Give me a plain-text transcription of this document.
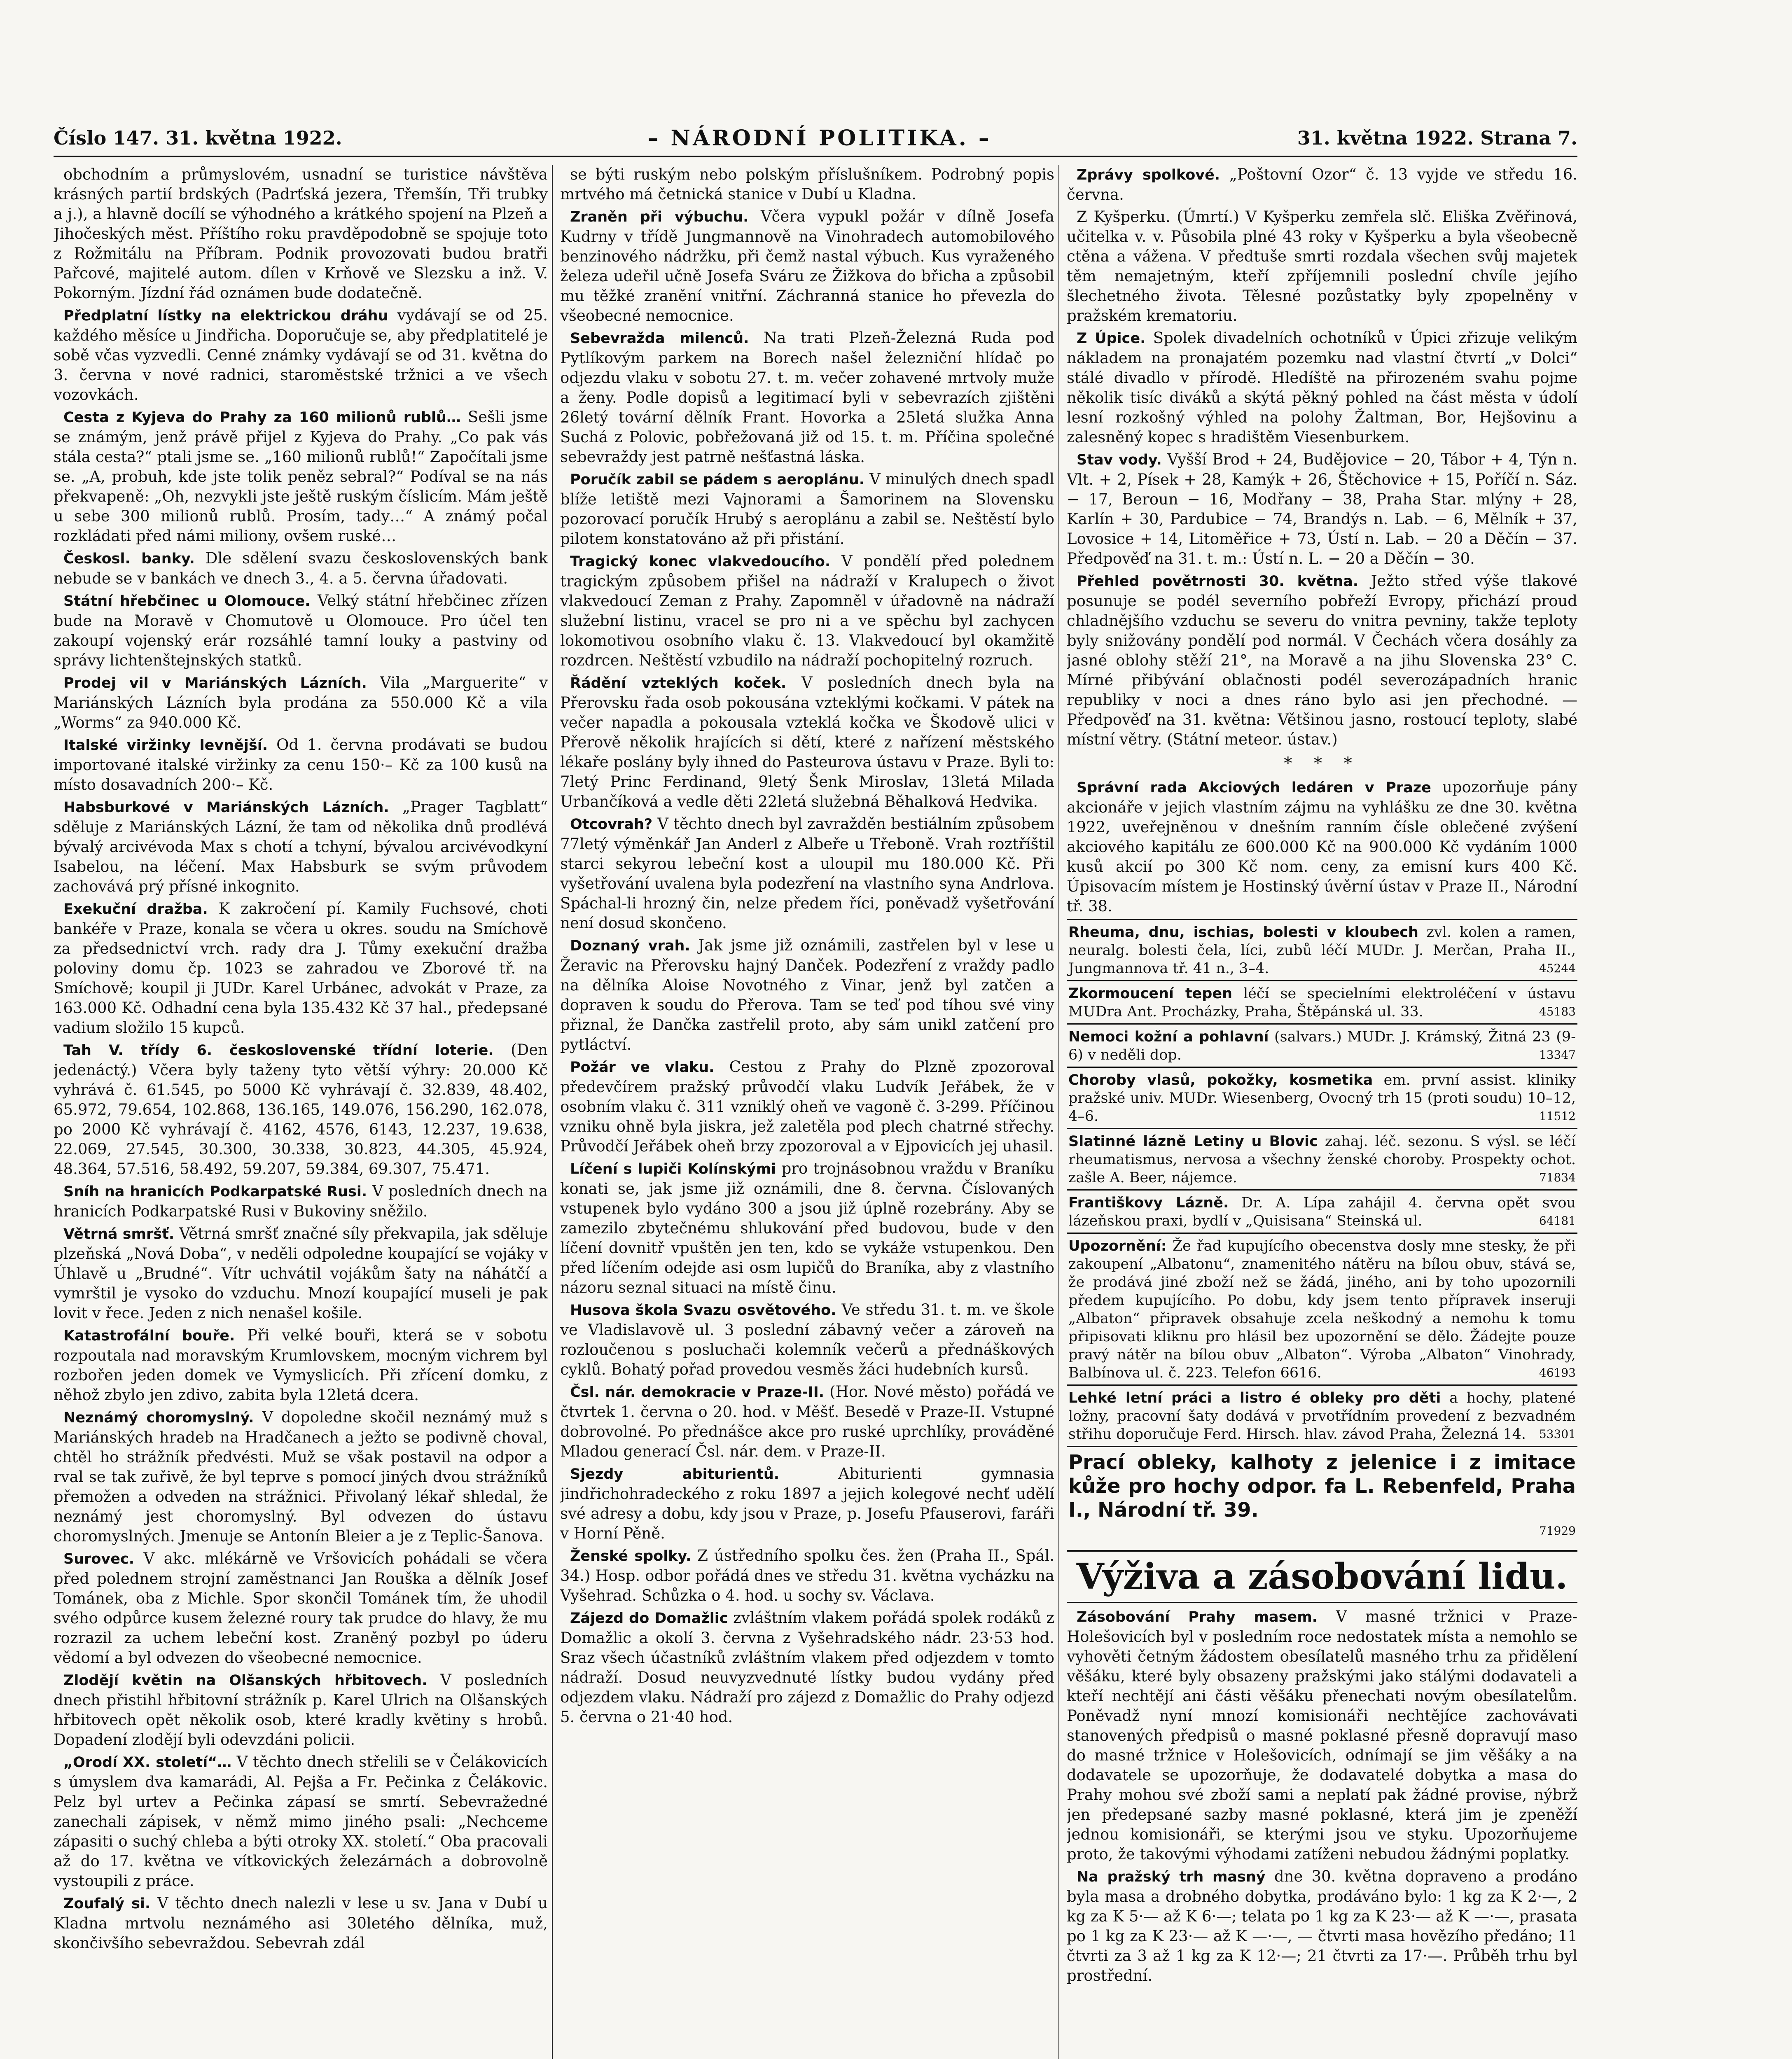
Číslo 147. 31. května 1922.	– NÁRODNÍ POLITIKA. –	31. května 1922. Strana 7.

obchodním a průmyslovém, usnadní se turistice návštěva krásných partií brdských (Padrťská jezera, Třemšín, Tři trubky a j.), a hlavně docílí se výhodného a krátkého spojení na Plzeň a Jihočeských měst. Příštího roku pravděpodobně se spojuje toto z Rožmitálu na Příbram. Podnik provozovati budou bratři Pařcové, majitelé autom. dílen v Krňově ve Slezsku a inž. V. Pokorným. Jízdní řád oznámen bude dodatečně.

Předplatní lístky na elektrickou dráhu vydávají se od 25. každého měsíce u Jindřicha. Doporučuje se, aby předplatitelé je sobě včas vyzvedli. Cenné známky vydávají se od 31. května do 3. června v nové radnici, staroměstské tržnici a ve všech vozovkách.

Cesta z Kyjeva do Prahy za 160 milionů rublů… Sešli jsme se známým, jenž právě přijel z Kyjeva do Prahy. „Co pak vás stála cesta?“ ptali jsme se. „160 milionů rublů!“ Započítali jsme se. „A, probuh, kde jste tolik peněz sebral?“ Podíval se na nás překvapeně: „Oh, nezvykli jste ještě ruským číslicím. Mám ještě u sebe 300 milionů rublů. Prosím, tady…“ A známý počal rozkládati před námi miliony, ovšem ruské…

Českosl. banky. Dle sdělení svazu československých bank nebude se v bankách ve dnech 3., 4. a 5. června úřadovati.

Státní hřebčinec u Olomouce. Velký státní hřebčinec zřízen bude na Moravě v Chomutově u Olomouce. Pro účel ten zakoupí vojenský erár rozsáhlé tamní louky a pastviny od správy lichtenštejnských statků.

Prodej vil v Mariánských Lázních. Vila „Marguerite“ v Mariánských Lázních byla prodána za 550.000 Kč a vila „Worms“ za 940.000 Kč.

Italské viržinky levnější. Od 1. června prodávati se budou importované italské viržinky za cenu 150·– Kč za 100 kusů na místo dosavadních 200·– Kč.

Habsburkové v Mariánských Lázních. „Prager Tagblatt“ sděluje z Mariánských Lázní, že tam od několika dnů prodlévá bývalý arcivévoda Max s chotí a tchyní, bývalou arcivévodkyní Isabelou, na léčení. Max Habsburk se svým průvodem zachovává prý přísné inkognito.

Exekuční dražba. K zakročení pí. Kamily Fuchsové, choti bankéře v Praze, konala se včera u okres. soudu na Smíchově za předsednictví vrch. rady dra J. Tůmy exekuční dražba poloviny domu čp. 1023 se zahradou ve Zborové tř. na Smíchově; koupil ji JUDr. Karel Urbánec, advokát v Praze, za 163.000 Kč. Odhadní cena byla 135.432 Kč 37 hal., předepsané vadium složilo 15 kupců.

Tah V. třídy 6. československé třídní loterie. (Den jedenáctý.) Včera byly taženy tyto větší výhry: 20.000 Kč vyhrává č. 61.545, po 5000 Kč vyhrávají č. 32.839, 48.402, 65.972, 79.654, 102.868, 136.165, 149.076, 156.290, 162.078, po 2000 Kč vyhrávají č. 4162, 4576, 6143, 12.237, 19.638, 22.069, 27.545, 30.300, 30.338, 30.823, 44.305, 45.924, 48.364, 57.516, 58.492, 59.207, 59.384, 69.307, 75.471.

Sníh na hranicích Podkarpatské Rusi. V posledních dnech na hranicích Podkarpatské Rusi v Bukoviny sněžilo.

Větrná smršť. Větrná smršť značné síly překvapila, jak sděluje plzeňská „Nová Doba“, v neděli odpoledne koupající se vojáky v Úhlavě u „Brudné“. Vítr uchvátil vojákům šaty na náhátčí a vymrštil je vysoko do vzduchu. Mnozí koupající museli je pak lovit v řece. Jeden z nich nenašel košile.

Katastrofální bouře. Při velké bouři, která se v sobotu rozpoutala nad moravským Krumlovskem, mocným vichrem byl rozbořen jeden domek ve Vymyslicích. Při zřícení domku, z něhož zbylo jen zdivo, zabita byla 12letá dcera.

Neznámý choromyslný. V dopoledne skočil neznámý muž s Mariánských hradeb na Hradčanech a ježto se podivně choval, chtěl ho strážník předvésti. Muž se však postavil na odpor a rval se tak zuřivě, že byl teprve s pomocí jiných dvou strážníků přemožen a odveden na strážnici. Přivolaný lékař shledal, že neznámý jest choromyslný. Byl odvezen do ústavu choromyslných. Jmenuje se Antonín Bleier a je z Teplic-Šanova.

Surovec. V akc. mlékárně ve Vršovicích pohádali se včera před polednem strojní zaměstnanci Jan Rouška a dělník Josef Tománek, oba z Michle. Spor skončil Tománek tím, že uhodil svého odpůrce kusem železné roury tak prudce do hlavy, že mu rozrazil za uchem lebeční kost. Zraněný pozbyl po úderu vědomí a byl odvezen do všeobecné nemocnice.

Zlodějí květin na Olšanských hřbitovech. V posledních dnech přistihl hřbitovní strážník p. Karel Ulrich na Olšanských hřbitovech opět několik osob, které kradly květiny s hrobů. Dopadení zlodějí byli odevzdáni policii.

„Orodí XX. století“… V těchto dnech střelili se v Čelákovicích s úmyslem dva kamarádi, Al. Pejša a Fr. Pečinka z Čelákovic. Pelz byl urtev a Pečinka zápasí se smrtí. Sebevražedné zanechali zápisek, v němž mimo jiného psali: „Nechceme zápasiti o suchý chleba a býti otroky XX. století.“ Oba pracovali až do 17. května ve vítkovických železárnách a dobrovolně vystoupili z práce.

Zoufalý si. V těchto dnech nalezli v lese u sv. Jana v Dubí u Kladna mrtvolu neznámého asi 30letého dělníka, muž, skončivšího sebevraždou. Sebevrah zdál

se býti ruským nebo polským příslušníkem. Podrobný popis mrtvého má četnická stanice v Dubí u Kladna.

Zraněn při výbuchu. Včera vypukl požár v dílně Josefa Kudrny v třídě Jungmannově na Vinohradech automobilového benzinového nádržku, při čemž nastal výbuch. Kus vyraženého železa udeřil učně Josefa Sváru ze Žižkova do břicha a způsobil mu těžké zranění vnitřní. Záchranná stanice ho převezla do všeobecné nemocnice.

Sebevražda milenců. Na trati Plzeň-Železná Ruda pod Pytlíkovým parkem na Borech našel železniční hlídač po odjezdu vlaku v sobotu 27. t. m. večer zohavené mrtvoly muže a ženy. Podle dopisů a legitimací byli v sebevrazích zjištěni 26letý tovární dělník Frant. Hovorka a 25letá služka Anna Suchá z Polovic, pobřežovaná již od 15. t. m. Příčina společné sebevraždy jest patrně nešťastná láska.

Poručík zabil se pádem s aeroplánu. V minulých dnech spadl blíže letiště mezi Vajnorami a Šamorinem na Slovensku pozorovací poručík Hrubý s aeroplánu a zabil se. Neštěstí bylo pilotem konstatováno až při přistání.

Tragický konec vlakvedoucího. V pondělí před polednem tragickým způsobem přišel na nádraží v Kralupech o život vlakvedoucí Zeman z Prahy. Zapomněl v úřadovně na nádraží služební listinu, vracel se pro ni a ve spěchu byl zachycen lokomotivou osobního vlaku č. 13. Vlakvedoucí byl okamžitě rozdrcen. Neštěstí vzbudilo na nádraží pochopitelný rozruch.

Řádění vzteklých koček. V posledních dnech byla na Přerovsku řada osob pokousána vzteklými kočkami. V pátek na večer napadla a pokousala vzteklá kočka ve Škodově ulici v Přerově několik hrajících si dětí, které z nařízení městského lékaře poslány byly ihned do Pasteurova ústavu v Praze. Byli to: 7letý Princ Ferdinand, 9letý Šenk Miroslav, 13letá Milada Urbančíková a vedle děti 22letá služebná Běhalková Hedvika.

Otcovrah? V těchto dnech byl zavražděn bestiálním způsobem 77letý výměnkář Jan Anderl z Albeře u Třeboně. Vrah roztříštil starci sekyrou lebeční kost a uloupil mu 180.000 Kč. Při vyšetřování uvalena byla podezření na vlastního syna Andrlova. Spáchal-li hrozný čin, nelze předem říci, poněvadž vyšetřování není dosud skončeno.

Doznaný vrah. Jak jsme již oznámili, zastřelen byl v lese u Žeravic na Přerovsku hajný Danček. Podezření z vraždy padlo na dělníka Aloise Novotného z Vinar, jenž byl zatčen a dopraven k soudu do Přerova. Tam se teď pod tíhou své viny přiznal, že Dančka zastřelil proto, aby sám unikl zatčení pro pytláctví.

Požár ve vlaku. Cestou z Prahy do Plzně zpozoroval předevčírem pražský průvodčí vlaku Ludvík Jeřábek, že v osobním vlaku č. 311 vzniklý oheň ve vagoně č. 3-299. Příčinou vzniku ohně byla jiskra, jež zaletěla pod plech chatrné střechy. Průvodčí Jeřábek oheň brzy zpozoroval a v Ejpovicích jej uhasil.

Líčení s lupiči Kolínskými pro trojnásobnou vraždu v Braníku konati se, jak jsme již oznámili, dne 8. června. Číslovaných vstupenek bylo vydáno 300 a jsou již úplně rozebrány. Aby se zamezilo zbytečnému shlukování před budovou, bude v den líčení dovnitř vpuštěn jen ten, kdo se vykáže vstupenkou. Den před líčením odejde asi osm lupičů do Braníka, aby z vlastního názoru seznal situaci na místě činu.

Husova škola Svazu osvětového. Ve středu 31. t. m. ve škole ve Vladislavově ul. 3 poslední zábavný večer a zároveň na rozloučenou s posluchači kolemník večerů a přednáškových cyklů. Bohatý pořad provedou vesměs žáci hudebních kursů.

Čsl. nár. demokracie v Praze-II. (Hor. Nové město) pořádá ve čtvrtek 1. června o 20. hod. v Měšť. Besedě v Praze-II. Vstupné dobrovolné. Po přednášce akce pro ruské uprchlíky, prováděné Mladou generací Čsl. nár. dem. v Praze-II.

Sjezdy abiturientů.	Abiturienti gymnasia jindřichohradeckého z roku 1897 a jejich kolegové nechť udělí své adresy a dobu, kdy jsou v Praze, p. Josefu Pfauserovi, faráři v Horní Pěně.

Ženské spolky. Z ústředního spolku čes. žen (Praha II., Spál. 34.) Hosp. odbor pořádá dnes ve středu 31. května vycházku na Vyšehrad. Schůzka o 4. hod. u sochy sv. Václava.

Zájezd do Domažlic zvláštním vlakem pořádá spolek rodáků z Domažlic a okolí 3. června z Vyšehradského nádr. 23·53 hod. Sraz všech účastníků zvláštním vlakem před odjezdem v tomto nádraží. Dosud neuvyzvednuté lístky budou vydány před odjezdem vlaku. Nádraží pro zájezd z Domažlic do Prahy odjezd 5. června o 21·40 hod.

Zprávy spolkové. „Poštovní Ozor“ č. 13 vyjde ve středu 16. června.

Z Kyšperku. (Úmrtí.) V Kyšperku zemřela slč. Eliška Zvěřinová, učitelka v. v. Působila plné 43 roky v Kyšperku a byla všeobecně ctěna a vážena. V předtuše smrti rozdala všechen svůj majetek těm nemajetným, kteří zpříjemnili poslední chvíle jejího šlechetného života. Tělesné pozůstatky byly zpopelněny v pražském krematoriu.

Z Úpice. Spolek divadelních ochotníků v Úpici zřizuje velikým nákladem na pronajatém pozemku nad vlastní čtvrtí „v Dolci“ stálé divadlo v přírodě. Hledíště na přirozeném svahu pojme několik tisíc diváků a skýtá pěkný pohled na část města v údolí lesní rozkošný výhled na polohy Žaltman, Bor, Hejšovinu a zalesněný kopec s hradištěm Viesenburkem.

Stav vody. Vyšší Brod + 24, Budějovice − 20, Tábor + 4, Týn n. Vlt. + 2, Písek + 28, Kamýk + 26, Štěchovice + 15, Poříčí n. Sáz. − 17, Beroun − 16, Modřany − 38, Praha Star. mlýny + 28, Karlín + 30, Pardubice − 74, Brandýs n. Lab. − 6, Mělník + 37, Lovosice + 14, Litoměřice + 73, Ústí n. Lab. − 20 a Děčín − 37. Předpověď na 31. t. m.: Ústí n. L. − 20 a Děčín − 30.

Přehled povětrnosti 30. května. Ježto střed výše tlakové posunuje se podél severního pobřeží Evropy, přichází proud chladnějšího vzduchu se severu do vnitra pevniny, takže teploty byly snižovány pondělí pod normál. V Čechách včera dosáhly za jasné oblohy stěží 21°, na Moravě a na jihu Slovenska 23° C. Mírné přibývání oblačnosti podél severozápadních hranic republiky v noci a dnes ráno bylo asi jen přechodné. — Předpověď na 31. května: Většinou jasno, rostoucí teploty, slabé místní větry. (Státní meteor. ústav.)

* * *

Správní rada Akciových ledáren v Praze upozorňuje pány akcionáře v jejich vlastním zájmu na vyhlášku ze dne 30. května 1922, uveřejněnou v dnešním ranním čísle oblečené zvýšení akciového kapitálu ze 600.000 Kč na 900.000 Kč vydáním 1000 kusů akcií po 300 Kč nom. ceny, za emisní kurs 400 Kč. Úpisovacím místem je Hostinský úvěrní ústav v Praze II., Národní tř. 38.

Rheuma, dnu, ischias, bolesti v kloubech zvl. kolen a ramen, neuralg. bolesti čela, líci, zubů léčí MUDr. J. Merčan, Praha II., Jungmannova tř. 41 n., 3–4.	45244
Zkormoucení tepen léčí se specielními elektroléčení v ústavu MUDra Ant. Procházky, Praha, Štěpánská ul. 33.	45183
Nemoci kožní a pohlavní (salvars.) MUDr. J. Krámský, Žitná 23 (9-6) v neděli dop.	13347
Choroby vlasů, pokožky, kosmetika em. první assist. kliniky pražské univ. MUDr. Wiesenberg, Ovocný trh 15 (proti soudu) 10–12, 4–6.	11512
Slatinné lázně Letiny u Blovic zahaj. léč. sezonu. S výsl. se léčí rheumatismus, nervosa a všechny ženské choroby. Prospekty ochot. zašle A. Beer, nájemce.	71834
Františkovy Lázně. Dr. A. Lípa zahájil 4. června opět svou lázeňskou praxi, bydlí v „Quisisana“ Steinská ul.	64181
Upozornění: Že řad kupujícího obecenstva dosly mne stesky, že při zakoupení „Albatonu“, znamenitého nátěru na bílou obuv, stává se, že prodává jiné zboží než se žádá, jiného, ani by toho upozornili předem kupujícího. Po dobu, kdy jsem tento přípravek inseruji „Albaton“ připravek obsahuje zcela neškodný a nemohu k tomu připisovati kliknu pro hlásil bez upozornění se dělo. Žádejte pouze pravý nátěr na bílou obuv „Albaton“. Výroba „Albaton“ Vinohrady, Balbínova ul. č. 223. Telefon 6616.	46193
Lehké letní práci a listro é obleky pro děti a hochy, platené ložny, pracovní šaty dodává v prvotřídním provedení z bezvadném střihu doporučuje Ferd. Hirsch. hlav. závod Praha, Železná 14. 53301
Prací obleky, kalhoty z jelenice i z imitace kůže pro hochy odpor. fa L. Rebenfeld, Praha I., Národní tř. 39.
71929
Výživa a zásobování lidu.

Zásobování Prahy masem. V masné tržnici v Praze-Holešovicích byl v posledním roce nedostatek místa a nemohlo se vyhověti četným žádostem obesílatelů masného trhu za přidělení věšáku, které byly obsazeny pražskými jako stálými dodavateli a kteří nechtějí ani části věšáku přenechati novým obesílatelům. Poněvadž nyní mnozí komisionáři nechtějíce zachovávati stanovených předpisů o masné poklasné přesně dopravují maso do masné tržnice v Holešovicích, odnímají se jim věšáky a na dodavatele se upozorňuje, že dodavatelé dobytka a masa do Prahy mohou své zboží sami a neplatí pak žádné provise, nýbrž jen předepsané sazby masné poklasné, která jim je zpeněží jednou komisionáři, se kterými jsou ve styku. Upozorňujeme proto, že takovými výhodami zatíženi nebudou žádnými poplatky.

Na pražský trh masný dne 30. května dopraveno a prodáno byla masa a drobného dobytka, prodáváno bylo: 1 kg za K 2·—, 2 kg za K 5·— až K 6·—; telata po 1 kg za K 23·— až K —·—, prasata po 1 kg za K 23·— až K —·—, — čtvrti masa hovězího předáno; 11 čtvrti za 3 až 1 kg za K 12·—; 21 čtvrti za 17·—. Průběh trhu byl prostřední.
